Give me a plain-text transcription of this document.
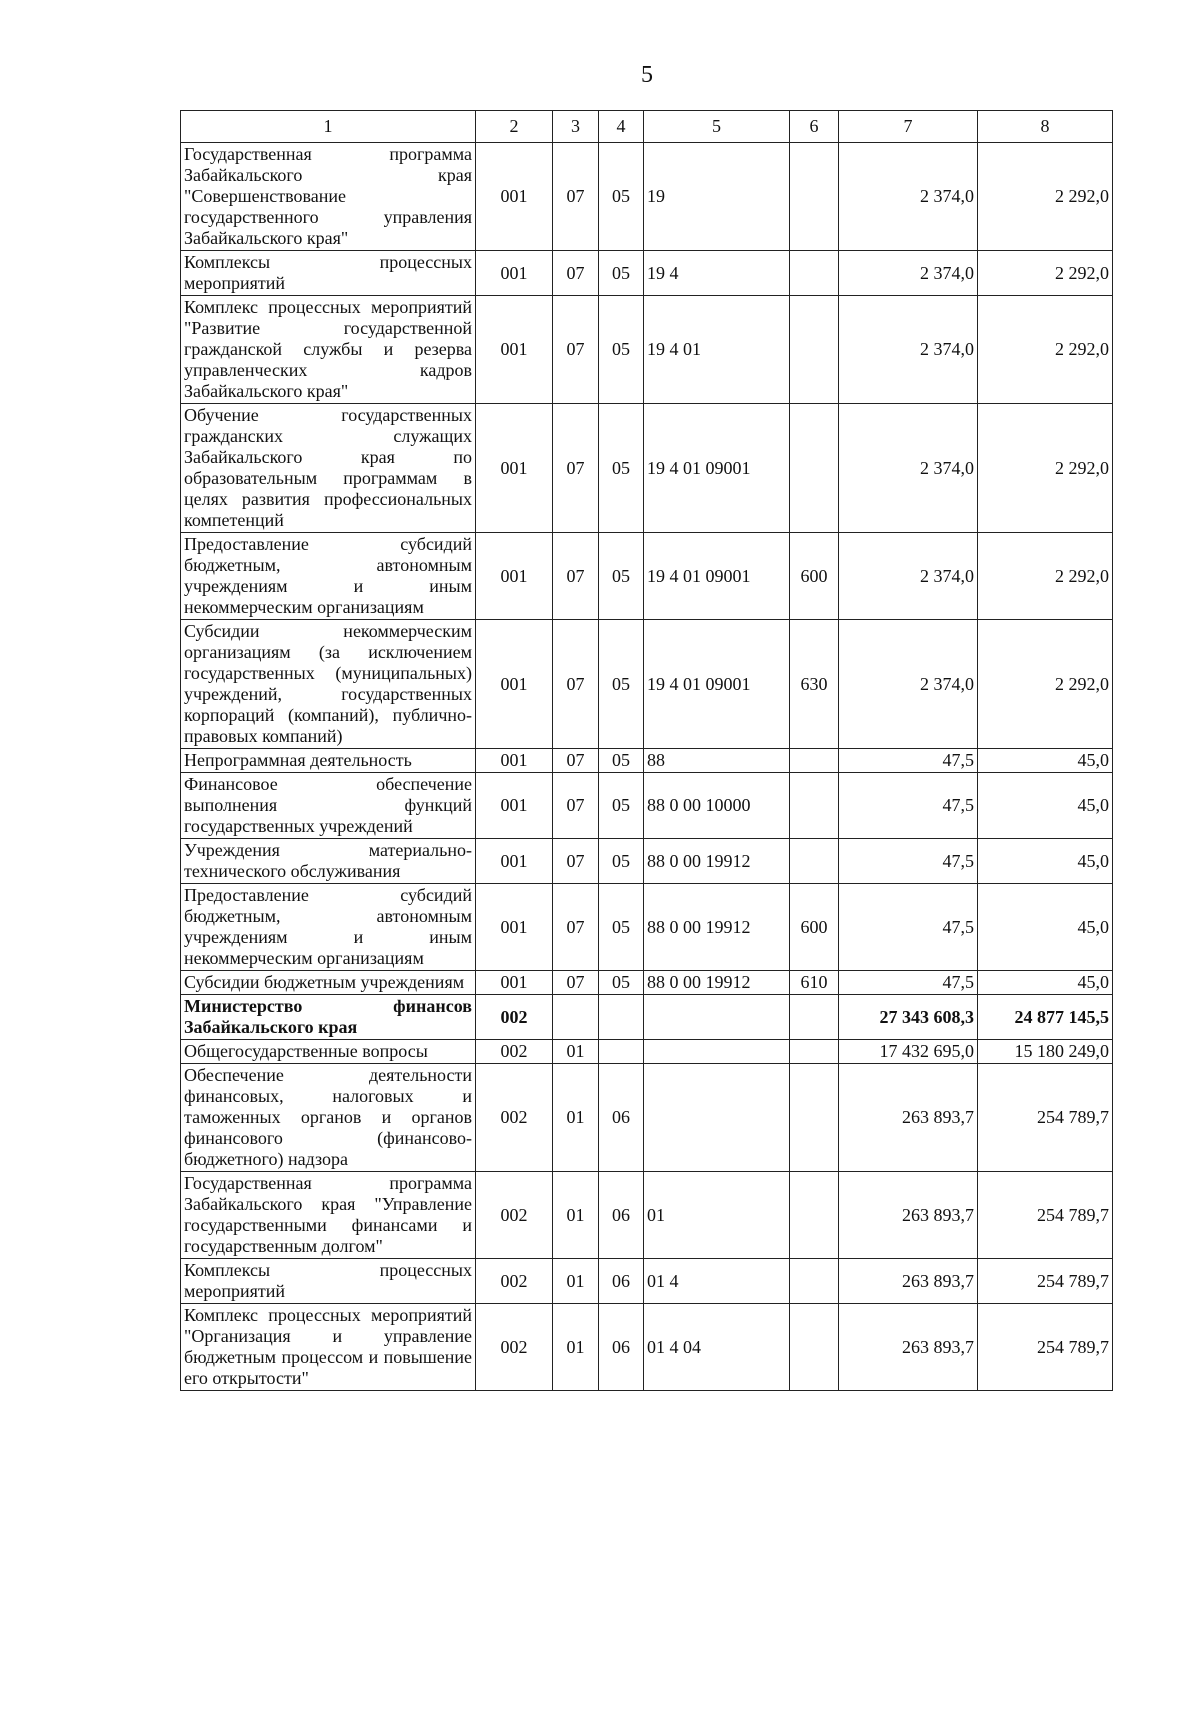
5
1	2	3	4	5	6	7	8
Государственная программа Забайкальского края "Совершенствование государственного управления Забайкальского края"	001	07	05	19		2 374,0	2 292,0
Комплексы процессных мероприятий	001	07	05	19 4		2 374,0	2 292,0
Комплекс процессных мероприятий "Развитие государственной гражданской службы и резерва управленческих кадров Забайкальского края"	001	07	05	19 4 01		2 374,0	2 292,0
Обучение государственных гражданских служащих Забайкальского края по образовательным программам в целях развития профессиональных компетенций	001	07	05	19 4 01 09001		2 374,0	2 292,0
Предоставление субсидий бюджетным, автономным учреждениям и иным некоммерческим организациям	001	07	05	19 4 01 09001	600	2 374,0	2 292,0
Субсидии некоммерческим организациям (за исключением государственных (муниципальных) учреждений, государственных корпораций (компаний), публично-правовых компаний)	001	07	05	19 4 01 09001	630	2 374,0	2 292,0
Непрограммная деятельность	001	07	05	88		47,5	45,0
Финансовое обеспечение выполнения функций государственных учреждений	001	07	05	88 0 00 10000		47,5	45,0
Учреждения материально-технического обслуживания	001	07	05	88 0 00 19912		47,5	45,0
Предоставление субсидий бюджетным, автономным учреждениям и иным некоммерческим организациям	001	07	05	88 0 00 19912	600	47,5	45,0
Субсидии бюджетным учреждениям	001	07	05	88 0 00 19912	610	47,5	45,0
Министерство финансов Забайкальского края	002					27 343 608,3	24 877 145,5
Общегосударственные вопросы	002	01				17 432 695,0	15 180 249,0
Обеспечение деятельности финансовых, налоговых и таможенных органов и органов финансового (финансово-бюджетного) надзора	002	01	06			263 893,7	254 789,7
Государственная программа Забайкальского края "Управление государственными финансами и государственным долгом"	002	01	06	01		263 893,7	254 789,7
Комплексы процессных мероприятий	002	01	06	01 4		263 893,7	254 789,7
Комплекс процессных мероприятий "Организация и управление бюджетным процессом и повышение его открытости"	002	01	06	01 4 04		263 893,7	254 789,7
